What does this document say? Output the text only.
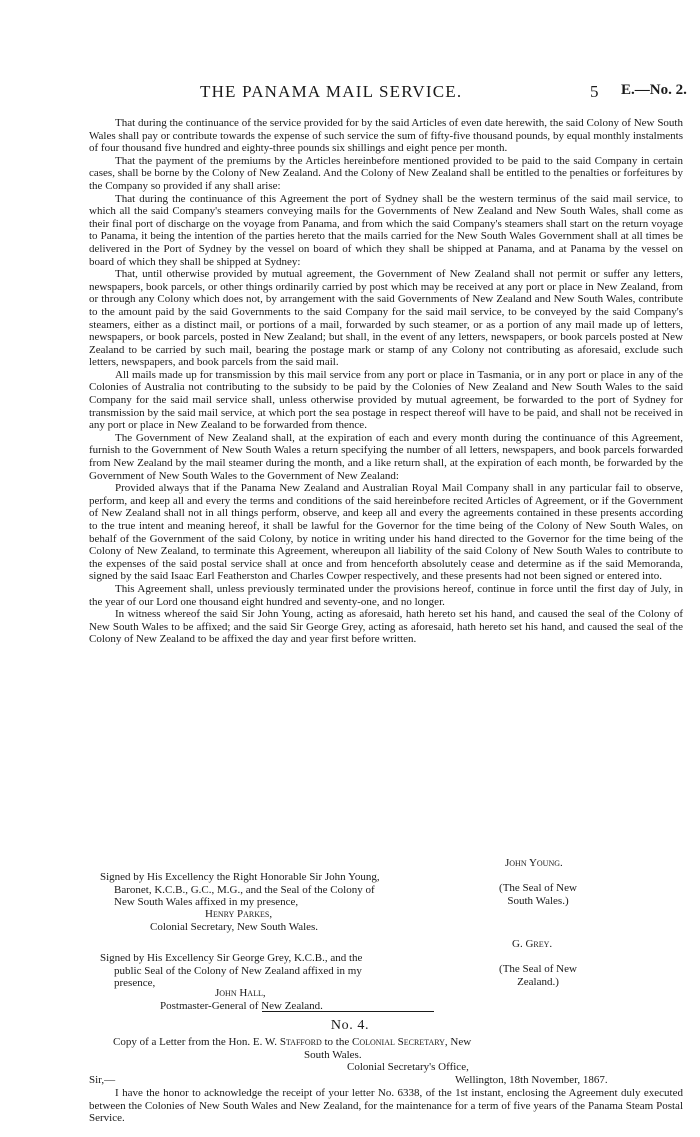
THE PANAMA MAIL SERVICE.	5 E.—No. 2.

That during the continuance of the service provided for by the said Articles of even date herewith, the said Colony of New South Wales shall pay or contribute towards the expense of such service the sum of fifty-five thousand pounds, by equal monthly instalments of four thousand five hundred and eighty-three pounds six shillings and eight pence per month.

That the payment of the premiums by the Articles hereinbefore mentioned provided to be paid to the said Company in certain cases, shall be borne by the Colony of New Zealand. And the Colony of New Zealand shall be entitled to the penalties or forfeitures by the Company so provided if any shall arise:

That during the continuance of this Agreement the port of Sydney shall be the western terminus of the said mail service, to which all the said Company's steamers conveying mails for the Governments of New Zealand and New South Wales, shall come as their final port of discharge on the voyage from Panama, and from which the said Company's steamers shall start on the return voyage to Panama, it being the intention of the parties hereto that the mails carried for the New South Wales Government shall at all times be delivered in the Port of Sydney by the vessel on board of which they shall be shipped at Panama, and at Panama by the vessel on board of which they shall be shipped at Sydney:

That, until otherwise provided by mutual agreement, the Government of New Zealand shall not permit or suffer any letters, newspapers, book parcels, or other things ordinarily carried by post which may be received at any port or place in New Zealand, from or through any Colony which does not, by arrangement with the said Governments of New Zealand and New South Wales, contribute to the amount paid by the said Governments to the said Company for the said mail service, to be conveyed by the said Company's steamers, either as a distinct mail, or portions of a mail, forwarded by such steamer, or as a portion of any mail made up of letters, newspapers, or book parcels, posted in New Zealand; but shall, in the event of any letters, newspapers, or book parcels posted at New Zealand to be carried by such mail, bearing the postage mark or stamp of any Colony not contributing as aforesaid, exclude such letters, newspapers, and book parcels from the said mail.

All mails made up for transmission by this mail service from any port or place in Tasmania, or in any port or place in any of the Colonies of Australia not contributing to the subsidy to be paid by the Colonies of New Zealand and New South Wales to the said Company for the said mail service shall, unless otherwise provided by mutual agreement, be forwarded to the port of Sydney for transmission by the said mail service, at which port the sea postage in respect thereof will have to be paid, and shall not be received in any port or place in New Zealand to be forwarded from thence.

The Government of New Zealand shall, at the expiration of each and every month during the continuance of this Agreement, furnish to the Government of New South Wales a return specifying the number of all letters, newspapers, and book parcels forwarded from New Zealand by the mail steamer during the month, and a like return shall, at the expiration of each month, be forwarded by the Government of New South Wales to the Government of New Zealand:

Provided always that if the Panama New Zealand and Australian Royal Mail Company shall in any particular fail to observe, perform, and keep all and every the terms and conditions of the said hereinbefore recited Articles of Agreement, or if the Government of New Zealand shall not in all things perform, observe, and keep all and every the agreements contained in these presents according to the true intent and meaning hereof, it shall be lawful for the Governor for the time being of the Colony of New South Wales, on behalf of the Government of the said Colony, by notice in writing under his hand directed to the Governor for the time being of the Colony of New Zealand, to terminate this Agreement, whereupon all liability of the said Colony of New South Wales to contribute to the expenses of the said postal service shall at once and from henceforth absolutely cease and determine as if the said Memoranda, signed by the said Isaac Earl Featherston and Charles Cowper respectively, and these presents had not been signed or entered into.

This Agreement shall, unless previously terminated under the provisions hereof, continue in force until the first day of July, in the year of our Lord one thousand eight hundred and seventy-one, and no longer.

In witness whereof the said Sir John Young, acting as aforesaid, hath hereto set his hand, and caused the seal of the Colony of New South Wales to be affixed; and the said Sir George Grey, acting as aforesaid, hath hereto set his hand, and caused the seal of the Colony of New Zealand to be affixed the day and year first before written.

John Young.
Signed by His Excellency the Right Honorable Sir John Young,
Baronet, K.C.B., G.C., M.G., and the Seal of the Colony of
New South Wales affixed in my presence,
Henry Parkes,
Colonial Secretary, New South Wales.
(The Seal of New
South Wales.)
G. Grey.
Signed by His Excellency Sir George Grey, K.C.B., and the
public Seal of the Colony of New Zealand affixed in my
presence,
John Hall,
Postmaster-General of New Zealand.
(The Seal of New
Zealand.)
No. 4.
Copy of a Letter from the Hon. E. W. Stafford to the Colonial Secretary, New
South Wales.
Colonial Secretary's Office,
Sir,—	Wellington, 18th November, 1867.

I have the honor to acknowledge the receipt of your letter No. 6338, of the 1st instant, enclosing the Agreement duly executed between the Colonies of New South Wales and New Zealand, for the maintenance for a term of five years of the Panama Steam Postal Service.
